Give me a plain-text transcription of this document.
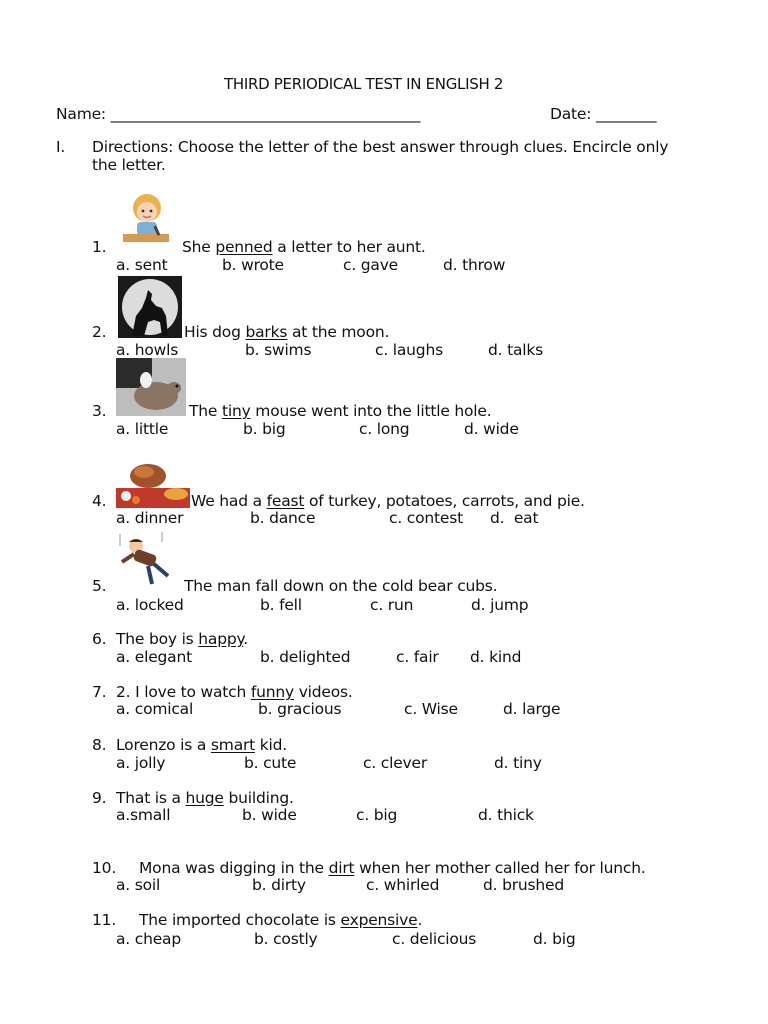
THIRD PERIODICAL TEST IN ENGLISH 2
Name: _________________________________________	Date: ________
I. Directions: Choose the letter of the best answer through clues. Encircle only
the letter.
1.	She penned a letter to her aunt.
a. sent	b. wrote	c. gave	d. throw
2.	His dog barks at the moon.
a. howls	b. swims	c. laughs	d. talks
3.	The tiny mouse went into the little hole.
a. little	b. big	c. long	d. wide
4.	We had a feast of turkey, potatoes, carrots, and pie.
a. dinner	b. dance	c. contest d.  eat
5.	The man fall down on the cold bear cubs.
a. locked	b. fell	c. run	d. jump
6. The boy is happy.
a. elegant	b. delighted	c. fair d. kind
7. 2. I love to watch funny videos.
a. comical	b. gracious	c. Wise	d. large
8. Lorenzo is a smart kid.
a. jolly	b. cute	c. clever	d. tiny
9. That is a huge building.
a.small	b. wide	c. big	d. thick
10. Mona was digging in the dirt when her mother called her for lunch.
a. soil	b. dirty	c. whirled	d. brushed
11. The imported chocolate is expensive.
a. cheap	b. costly	c. delicious	d. big
